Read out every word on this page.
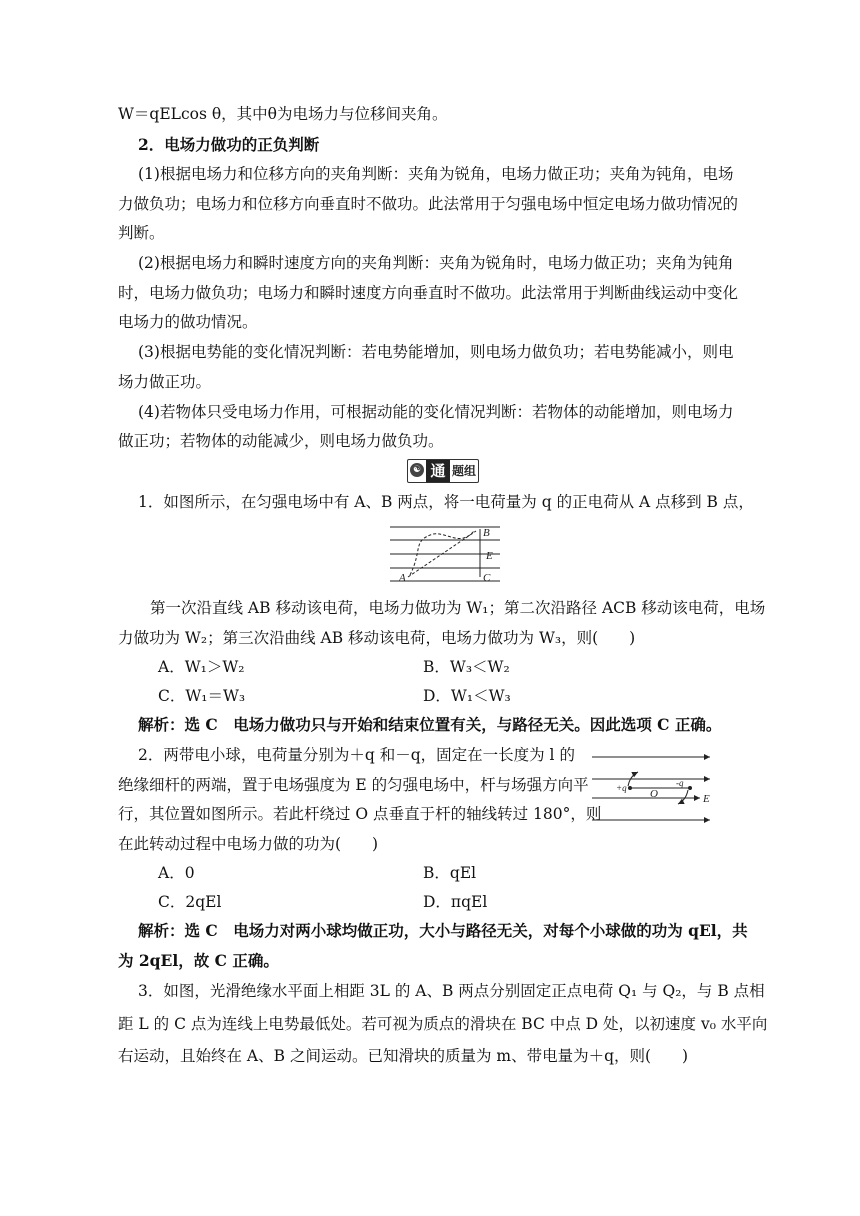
W＝qELcos θ，其中θ为电场力与位移间夹角。
2．电场力做功的正负判断
(1)根据电场力和位移方向的夹角判断：夹角为锐角，电场力做正功；夹角为钝角，电场
力做负功；电场力和位移方向垂直时不做功。此法常用于匀强电场中恒定电场力做功情况的
判断。
(2)根据电场力和瞬时速度方向的夹角判断：夹角为锐角时，电场力做正功；夹角为钝角
时，电场力做负功；电场力和瞬时速度方向垂直时不做功。此法常用于判断曲线运动中变化
电场力的做功情况。
(3)根据电势能的变化情况判断：若电势能增加，则电场力做负功；若电势能减小，则电
场力做正功。
(4)若物体只受电场力作用，可根据动能的变化情况判断：若物体的动能增加，则电场力
做正功；若物体的动能减少，则电场力做负功。
☯ 通 题组
1．如图所示，在匀强电场中有 A、B 两点，将一电荷量为 q 的正电荷从 A 点移到 B 点，
B
E
A	C
第一次沿直线 AB 移动该电荷，电场力做功为 W₁；第二次沿路径 ACB 移动该电荷，电场
力做功为 W₂；第三次沿曲线 AB 移动该电荷，电场力做功为 W₃，则(　　)
A．W₁＞W₂	B．W₃＜W₂
C．W₁＝W₃	D．W₁＜W₃
解析：选 C　电场力做功只与开始和结束位置有关，与路径无关。因此选项 C 正确。
2．两带电小球，电荷量分别为＋q 和－q，固定在一长度为 l 的
绝缘细杆的两端，置于电场强度为 E 的匀强电场中，杆与场强方向平
行，其位置如图所示。若此杆绕过 O 点垂直于杆的轴线转过 180°，则
在此转动过程中电场力做的功为(　　)
+q O
-q
E
A．0	B．qEl
C．2qEl	D．πqEl
解析：选 C　电场力对两小球均做正功，大小与路径无关，对每个小球做的功为 qEl，共
为 2qEl，故 C 正确。
3．如图，光滑绝缘水平面上相距 3L 的 A、B 两点分别固定正点电荷 Q₁ 与 Q₂，与 B 点相
距 L 的 C 点为连线上电势最低处。若可视为质点的滑块在 BC 中点 D 处，以初速度 v₀ 水平向
右运动，且始终在 A、B 之间运动。已知滑块的质量为 m、带电量为＋q，则(　　)
